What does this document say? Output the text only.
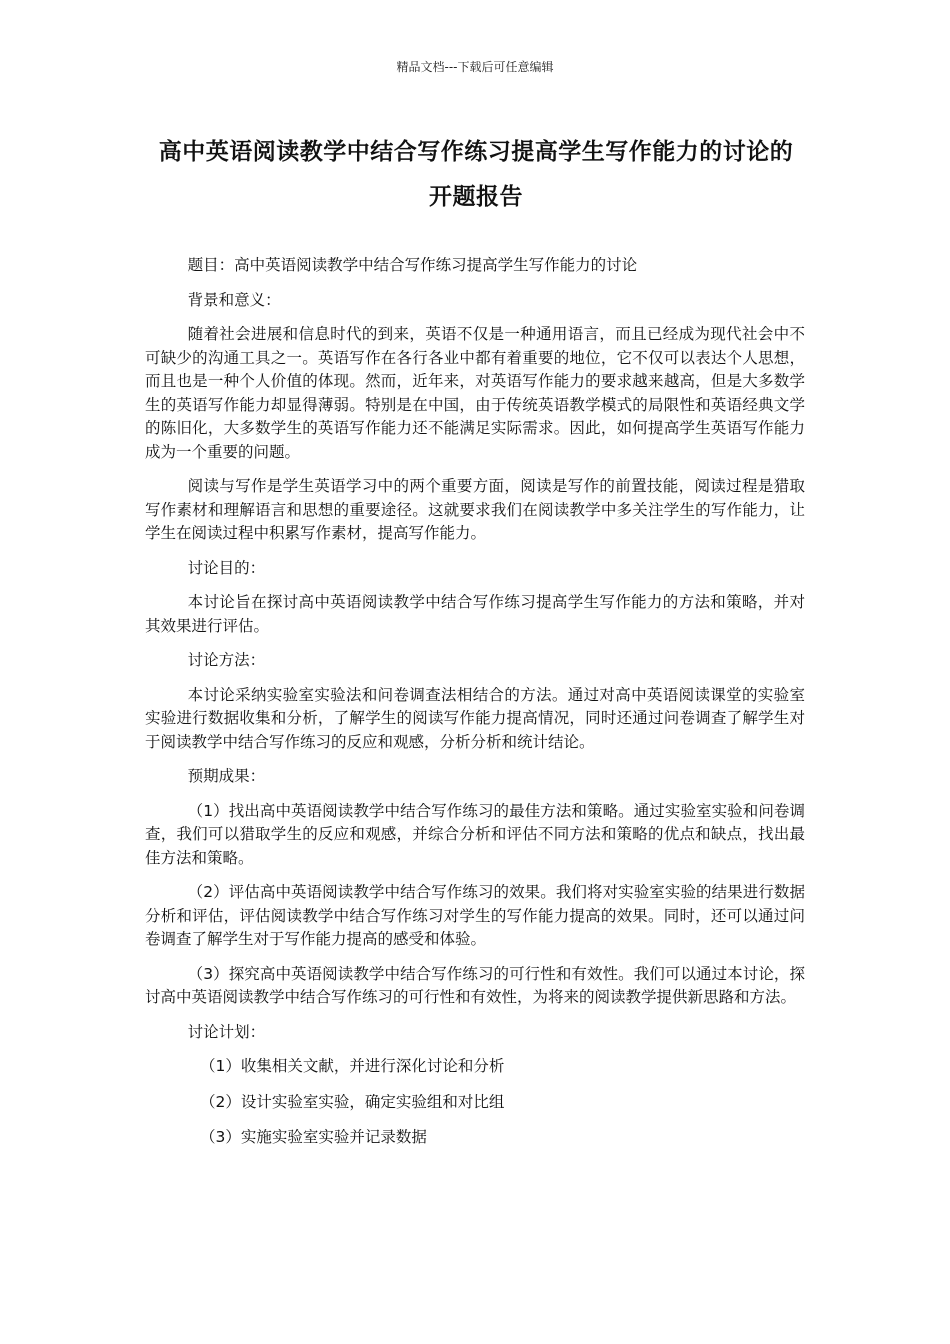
精品文档---下载后可任意编辑
高中英语阅读教学中结合写作练习提高学生写作能力的讨论的开题报告

题目：高中英语阅读教学中结合写作练习提高学生写作能力的讨论

背景和意义：

随着社会进展和信息时代的到来，英语不仅是一种通用语言，而且已经成为现代社会中不可缺少的沟通工具之一。英语写作在各行各业中都有着重要的地位，它不仅可以表达个人思想，而且也是一种个人价值的体现。然而，近年来，对英语写作能力的要求越来越高，但是大多数学生的英语写作能力却显得薄弱。特别是在中国，由于传统英语教学模式的局限性和英语经典文学的陈旧化，大多数学生的英语写作能力还不能满足实际需求。因此，如何提高学生英语写作能力成为一个重要的问题。

阅读与写作是学生英语学习中的两个重要方面，阅读是写作的前置技能，阅读过程是猎取写作素材和理解语言和思想的重要途径。这就要求我们在阅读教学中多关注学生的写作能力，让学生在阅读过程中积累写作素材，提高写作能力。

讨论目的：

本讨论旨在探讨高中英语阅读教学中结合写作练习提高学生写作能力的方法和策略，并对其效果进行评估。

讨论方法：

本讨论采纳实验室实验法和问卷调查法相结合的方法。通过对高中英语阅读课堂的实验室实验进行数据收集和分析，了解学生的阅读写作能力提高情况，同时还通过问卷调查了解学生对于阅读教学中结合写作练习的反应和观感，分析分析和统计结论。

预期成果：

（1）找出高中英语阅读教学中结合写作练习的最佳方法和策略。通过实验室实验和问卷调查，我们可以猎取学生的反应和观感，并综合分析和评估不同方法和策略的优点和缺点，找出最佳方法和策略。

（2）评估高中英语阅读教学中结合写作练习的效果。我们将对实验室实验的结果进行数据分析和评估，评估阅读教学中结合写作练习对学生的写作能力提高的效果。同时，还可以通过问卷调查了解学生对于写作能力提高的感受和体验。

（3）探究高中英语阅读教学中结合写作练习的可行性和有效性。我们可以通过本讨论，探讨高中英语阅读教学中结合写作练习的可行性和有效性，为将来的阅读教学提供新思路和方法。

讨论计划：

（1）收集相关文献，并进行深化讨论和分析

（2）设计实验室实验，确定实验组和对比组

（3）实施实验室实验并记录数据
